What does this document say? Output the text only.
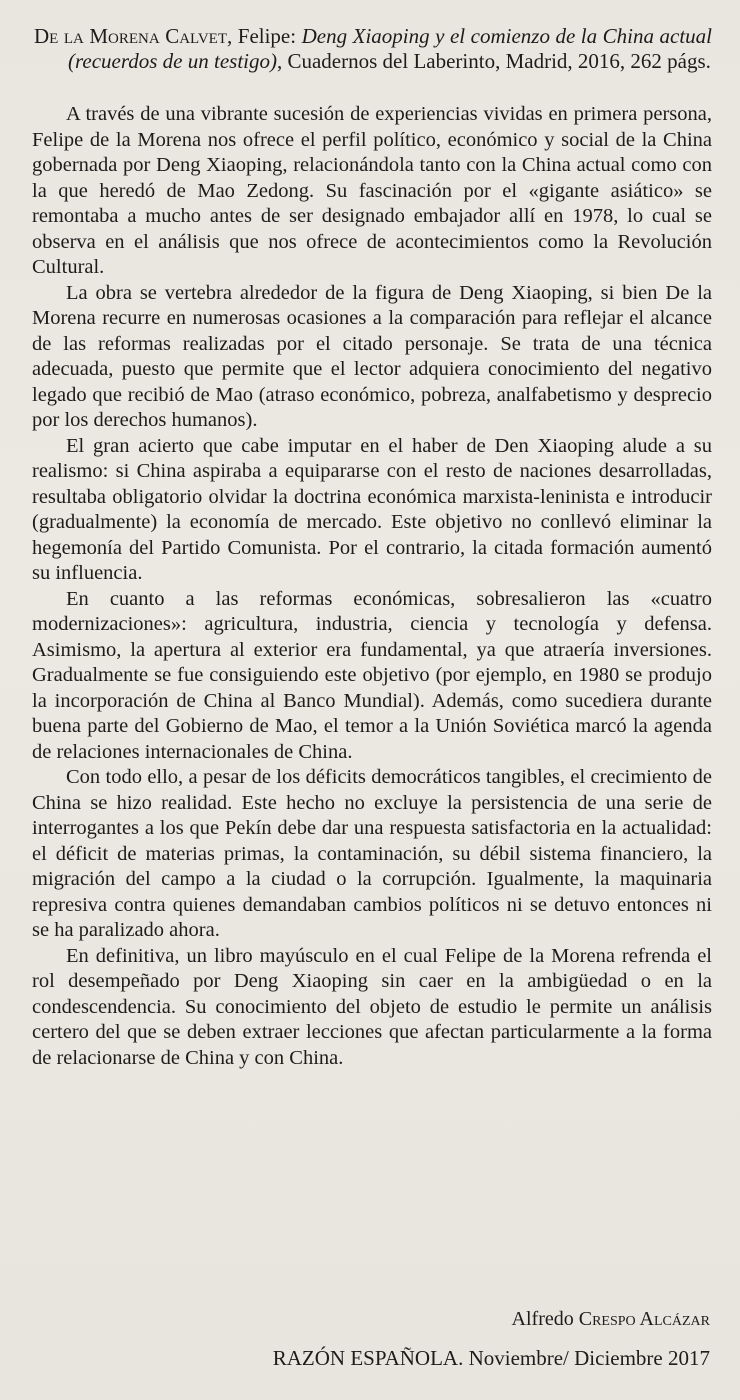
De la Morena Calvet, Felipe: Deng Xiaoping y el comienzo de la China actual (recuerdos de un testigo), Cuadernos del Laberinto, Madrid, 2016, 262 págs.

A través de una vibrante sucesión de experiencias vividas en primera persona, Felipe de la Morena nos ofrece el perfil político, económico y social de la China gobernada por Deng Xiaoping, relacionándola tanto con la China actual como con la que heredó de Mao Zedong. Su fascinación por el «gigante asiático» se remontaba a mucho antes de ser designado embajador allí en 1978, lo cual se observa en el análisis que nos ofrece de acontecimientos como la Revolución Cultural.

La obra se vertebra alrededor de la figura de Deng Xiaoping, si bien De la Morena recurre en numerosas ocasiones a la comparación para reflejar el alcance de las reformas realizadas por el citado personaje. Se trata de una técnica adecuada, puesto que permite que el lector adquiera conocimiento del negativo legado que recibió de Mao (atraso económico, pobreza, analfabetismo y desprecio por los derechos humanos).

El gran acierto que cabe imputar en el haber de Den Xiaoping alude a su realismo: si China aspiraba a equipararse con el resto de naciones desarrolladas, resultaba obligatorio olvidar la doctrina económica marxista-leninista e introducir (gradualmente) la economía de mercado. Este objetivo no conllevó eliminar la hegemonía del Partido Comunista. Por el contrario, la citada formación aumentó su influencia.

En cuanto a las reformas económicas, sobresalieron las «cuatro modernizaciones»: agricultura, industria, ciencia y tecnología y defensa. Asimismo, la apertura al exterior era fundamental, ya que atraería inversiones. Gradualmente se fue consiguiendo este objetivo (por ejemplo, en 1980 se produjo la incorporación de China al Banco Mundial). Además, como sucediera durante buena parte del Gobierno de Mao, el temor a la Unión Soviética marcó la agenda de relaciones internacionales de China.

Con todo ello, a pesar de los déficits democráticos tangibles, el crecimiento de China se hizo realidad. Este hecho no excluye la persistencia de una serie de interrogantes a los que Pekín debe dar una respuesta satisfactoria en la actualidad: el déficit de materias primas, la contaminación, su débil sistema financiero, la migración del campo a la ciudad o la corrupción. Igualmente, la maquinaria represiva contra quienes demandaban cambios políticos ni se detuvo entonces ni se ha paralizado ahora.

En definitiva, un libro mayúsculo en el cual Felipe de la Morena refrenda el rol desempeñado por Deng Xiaoping sin caer en la ambigüedad o en la condescendencia. Su conocimiento del objeto de estudio le permite un análisis certero del que se deben extraer lecciones que afectan particularmente a la forma de relacionarse de China y con China.

Alfredo Crespo Alcázar
RAZÓN ESPAÑOLA. Noviembre/ Diciembre 2017
